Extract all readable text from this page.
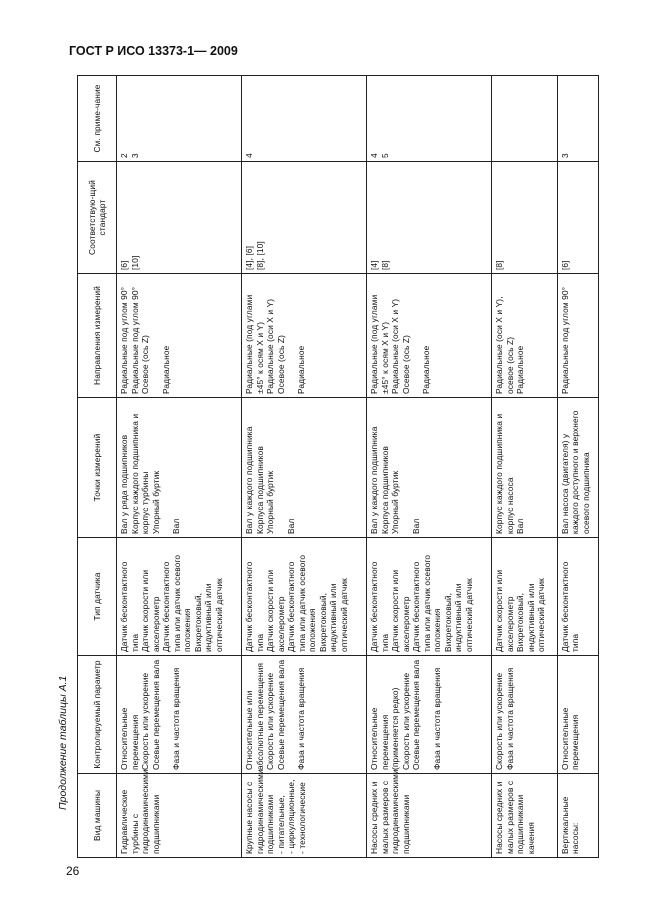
ГОСТ Р ИСО 13373-1— 2009
Продолжение таблицы А.1
26
Вид машины	Контролируемый параметр	Тип датчика	Точки измерений	Направления измерений	Соответствую-щий стандарт	См. приме-чание
Гидравлические турбины с гидродинамическими подшипниками	Относительные перемещения Скорость или ускорение Осевые перемещения вала Фаза и частота вращения	Датчик бесконтактного типа Датчик скорости или акселерометр Датчик бесконтактного типа или датчик осевого положения Вихретоковый, индуктивный или оптический датчик	Вал у ряда подшипников Корпус каждого подшипника и корпус турбины Упорный буртик Вал	Радиальные под углом 90° Радиальные под углом 90° Осевое (ось Z) Радиальное	[6] [10]	2 3

Крупные насосы с гидродинамическими подшипниками
- питательные,
- циркуляционные,
- технологические	Относительные или абсолютные перемещения Скорость или ускорение Осевые перемещения вала Фаза и частота вращения	Датчик бесконтактного типа Датчик скорости или акселерометр Датчик бесконтактного типа или датчик осевого положения Вихретоковый, индуктивный или оптический датчик	Вал у каждого подшипника Корпуса подшипников Упорный буртик Вал	Радиальные (под углами ±45° к осям X и Y) Радиальные (оси X и Y) Осевое (ось Z) Радиальное	[4], [6] [8], [10]	4

Насосы средних и малых размеров с гидродинамическими подшипниками	Относительные перемещения (применяется редко) Скорость или ускорение Осевые перемещения вала Фаза и частота вращения	Датчик бесконтактного типа Датчик скорости или акселерометр Датчик бесконтактного типа или датчик осевого положения Вихретоковый, индуктивный или оптический датчик	Вал у каждого подшипника Корпуса подшипников Упорный буртик Вал	Радиальные (под углами ±45° к осям X и Y) Радиальные (оси X и Y) Осевое (ось Z) Радиальное	[4] [8]	4 5

Насосы средних и малых размеров с подшипниками качения	Скорость или ускорение Фаза и частота вращения	Датчик скорости или акселерометр Вихретоковый, индуктивный или оптический датчик	Корпус каждого подшипника и корпус насоса Вал	Радиальные (оси X и Y), осевое (ось Z) Радиальное	[8]	

Вертикальные насосы:	Относительные перемещения	Датчик бесконтактного типа	Вал насоса (двигателя) у каждого доступного и верхнего осевого подшипника	Радиальные под углом 90°	[6]	3
